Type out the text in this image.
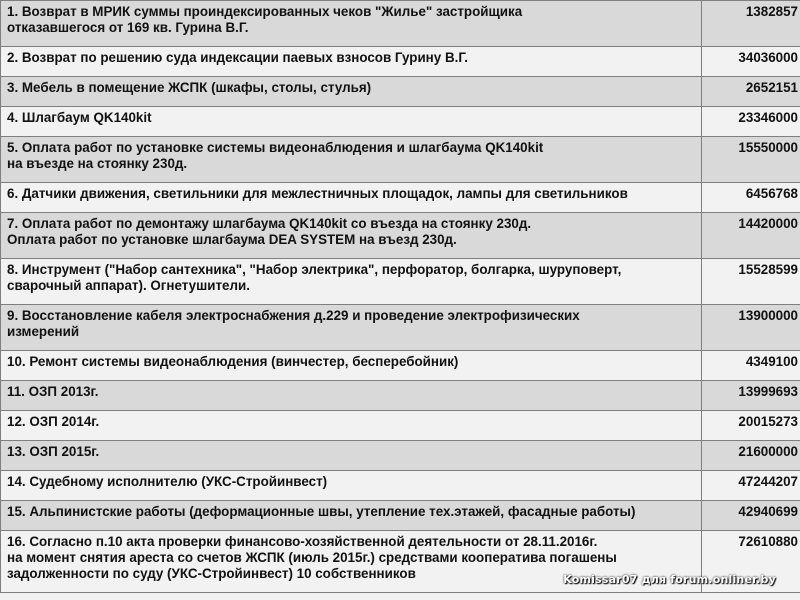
1. Возврат в МРИК суммы проиндексированных чеков "Жилье" застройщика
отказавшегося от 169 кв. Гурина В.Г.	1382857
2. Возврат по решению суда индексации паевых взносов Гурину В.Г.	34036000
3. Мебель в помещение ЖСПК (шкафы, столы, стулья)	2652151
4. Шлагбаум QK140kit	23346000
5. Оплата работ по установке системы видеонаблюдения и шлагбаума QK140kit
на въезде на стоянку 230д.	15550000
6. Датчики движения, светильники для межлестничных площадок, лампы для светильников	6456768
7. Оплата работ по демонтажу шлагбаума QK140kit со въезда на стоянку 230д.
Оплата работ по установке шлагбаума DEA SYSTEM на въезд 230д.	14420000
8. Инструмент ("Набор сантехника", "Набор электрика", перфоратор, болгарка, шуруповерт,
сварочный аппарат). Огнетушители.	15528599
9. Восстановление кабеля электроснабжения д.229 и проведение электрофизических
измерений	13900000
10. Ремонт системы видеонаблюдения (винчестер, бесперебойник)	4349100
11. ОЗП 2013г.	13999693
12. ОЗП 2014г.	20015273
13. ОЗП 2015г.	21600000
14. Судебному исполнителю (УКС-Стройинвест)	47244207
15. Альпинистские работы (деформационные швы, утепление тех.этажей, фасадные работы)	42940699
16. Согласно п.10 акта проверки финансово-хозяйственной деятельности от 28.11.2016г.
на момент снятия ареста со счетов ЖСПК (июль 2015г.) средствами кооператива погашены
задолженности по суду (УКС-Стройинвест) 10 собственников	72610880
Komissar07 для forum.onliner.by
